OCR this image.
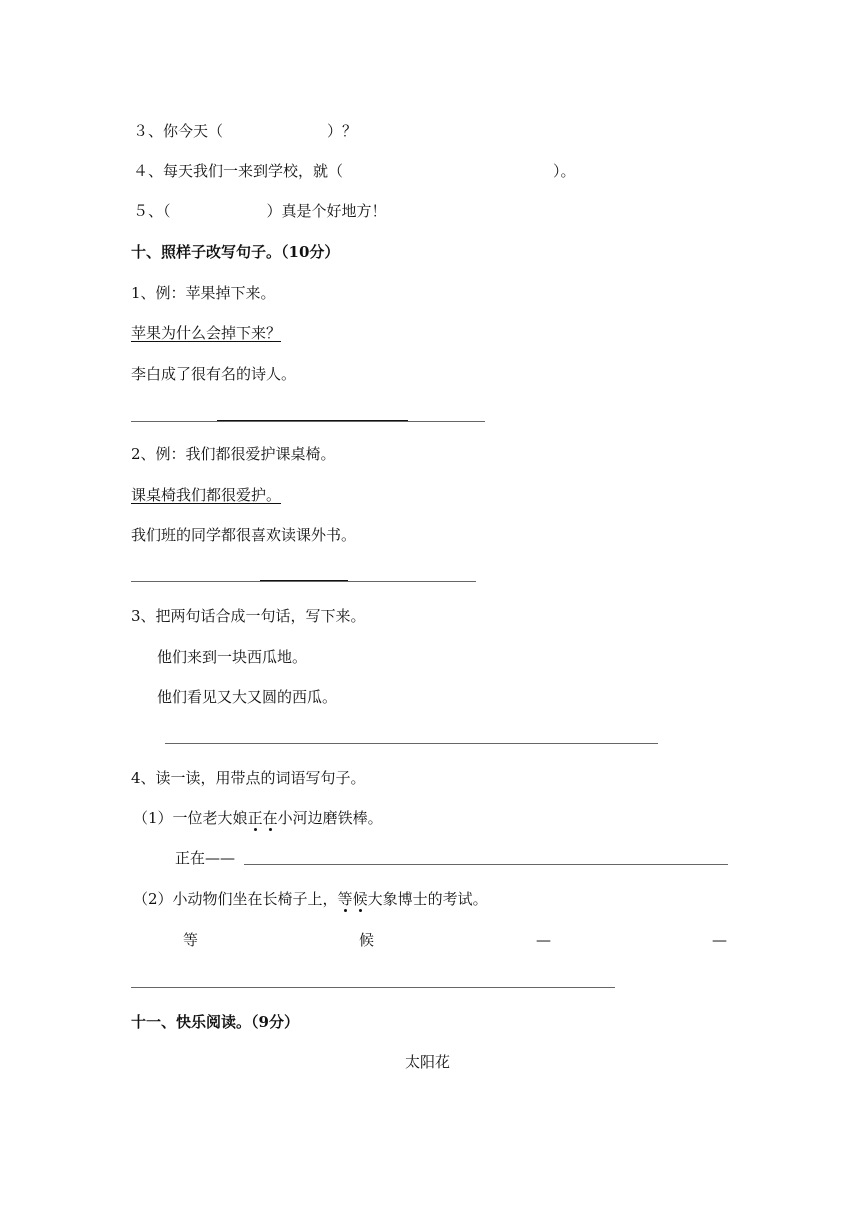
３、你今天（	）？
４、每天我们一来到学校，就（	）。
５、（	）真是个好地方！
十、照样子改写句子。（10分）
1、例：苹果掉下来。
苹果为什么会掉下来？
李白成了很有名的诗人。
2、例：我们都很爱护课桌椅。
课桌椅我们都很爱护。
我们班的同学都很喜欢读课外书。
3、把两句话合成一句话，写下来。
他们来到一块西瓜地。
他们看见又大又圆的西瓜。
4、读一读，用带点的词语写句子。
（1）一位老大娘正在小河边磨铁棒。
正在——
（2）小动物们坐在长椅子上，等候大象博士的考试。
等	候	—	—
十一、快乐阅读。（9分）
太阳花
